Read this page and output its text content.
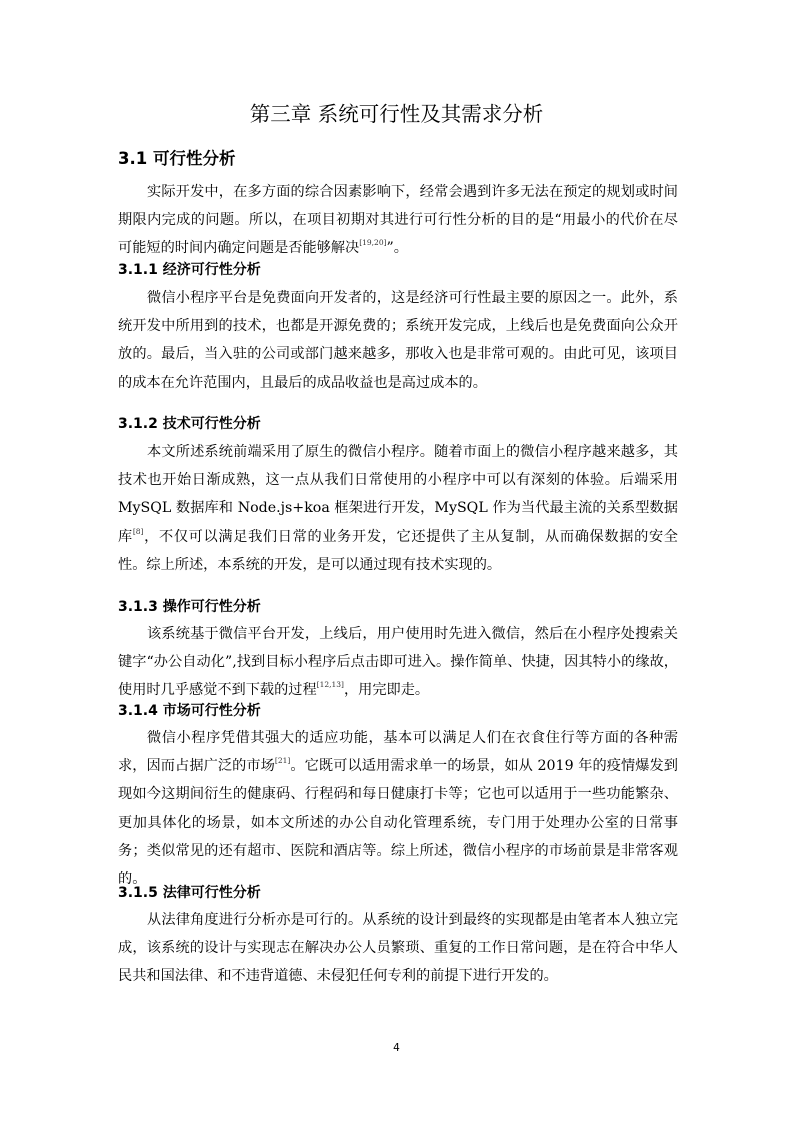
第三章 系统可行性及其需求分析
3.1 可行性分析

实际开发中，在多方面的综合因素影响下，经常会遇到许多无法在预定的规划或时间期限内完成的问题。所以，在项目初期对其进行可行性分析的目的是“用最小的代价在尽可能短的时间内确定问题是否能够解决[19,20]”。

3.1.1 经济可行性分析

微信小程序平台是免费面向开发者的，这是经济可行性最主要的原因之一。此外，系统开发中所用到的技术，也都是开源免费的；系统开发完成，上线后也是免费面向公众开放的。最后，当入驻的公司或部门越来越多，那收入也是非常可观的。由此可见，该项目的成本在允许范围内，且最后的成品收益也是高过成本的。

3.1.2 技术可行性分析

本文所述系统前端采用了原生的微信小程序。随着市面上的微信小程序越来越多，其技术也开始日渐成熟，这一点从我们日常使用的小程序中可以有深刻的体验。后端采用 MySQL 数据库和 Node.js+koa 框架进行开发，MySQL 作为当代最主流的关系型数据库[8]，不仅可以满足我们日常的业务开发，它还提供了主从复制，从而确保数据的安全性。综上所述，本系统的开发，是可以通过现有技术实现的。

3.1.3 操作可行性分析

该系统基于微信平台开发，上线后，用户使用时先进入微信，然后在小程序处搜索关键字“办公自动化”,找到目标小程序后点击即可进入。操作简单、快捷，因其特小的缘故，使用时几乎感觉不到下载的过程[12,13]，用完即走。

3.1.4 市场可行性分析

微信小程序凭借其强大的适应功能，基本可以满足人们在衣食住行等方面的各种需求，因而占据广泛的市场[21]。它既可以适用需求单一的场景，如从 2019 年的疫情爆发到现如今这期间衍生的健康码、行程码和每日健康打卡等；它也可以适用于一些功能繁杂、更加具体化的场景，如本文所述的办公自动化管理系统，专门用于处理办公室的日常事务；类似常见的还有超市、医院和酒店等。综上所述，微信小程序的市场前景是非常客观的。

3.1.5 法律可行性分析

从法律角度进行分析亦是可行的。从系统的设计到最终的实现都是由笔者本人独立完成，该系统的设计与实现志在解决办公人员繁琐、重复的工作日常问题，是在符合中华人民共和国法律、和不违背道德、未侵犯任何专利的前提下进行开发的。

4
